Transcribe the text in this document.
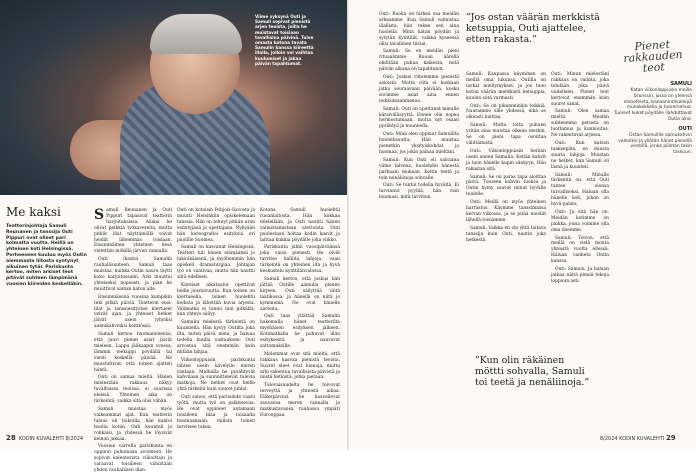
Viime syksynä Outi ja Samuli sopivat pienistä arjen teoista, joilla he muistavat toisiaan tavallisina päivinä. Toive omasta kotona tavata Samulin kanssa kiireettä illalla, jolloin voi vaihtaa kuulumiset ja jakaa päivän tapahtumat.
Me kaksi

Teatterinjohtaja Samuli Reunanen ja tanssija Outi Pippuri ovat olleet pari kolmatta vuotta. Heillä on yhteinen koti Helsingissä. Perheeseen kuuluu myös Outin aiemmasta liitosta syntynyt aikuinen tytär. Pariskunta kertoo, miten arkiset teot pitävät suhteen lämpimänä vuosien kiireiden keskelläkin.

S amuli Reunanen ja Outi Pippuri tapasivat teatterin harjoituksissa. Aluksi he olivat pelkkiä työkavereita, mutta pitkät illat näyttämöllä toivat heidät lähemmäs toisiaan. Ensimmäinen yhteinen kesä vietettiin mökillä järven rannalla.

Outi ihastui Samulin rauhallisuuteen. Samuli taas muistaa, kuinka Outin nauru täytti koko harjoitussalin. Arki muuttui yhteiseksi nopeasti, ja pian he muuttivat saman katon alle.

Ensimmäisinä vuosina kumpikin teki pitkiä päiviä. Teatterin ensi-illat ja tanssiesitysten kiertueet veivät ajan, ja yhteiset hetket jäivät usein lyhyiksi aamukahveiksi keittiössä.

Samuli kertoo huomanneensa, että juuri pienet asiat jäivät mieleen. Lappu jääkaapin ovessa, lämmin teekuppi pöydällä tai viesti keskellä päivää. Ne muistuttivat, että toinen ajatteli häntä.

Outi on samaa mieltä. Hänen mielestään rakkaus näkyy tavallisissa teoissa, ei suurissa eleissä. Yhteinen aika on tärkeintä, vaikka sitä olisi vähän.

Samuli muistaa myös vaikeammat ajat. Kun teatterin talous oli tiukoilla, hän kantoi huolia kotiin. Outi kuunteli ja rohkaisi, ja yhdessä he löysivät keinon jaksaa.

Vuosien varrella pariskunta on oppinut puhumaan avoimesti. He sopivat kalenterista viikoittain ja varaavat toisilleen vähintään yhden rauhallisen illan.

Outi on kotoisin Pohjois-Savosta ja muutti Helsinkiin opiskelemaan tanssia. Hän on tehnyt pitkän uran esiintyjänä ja opettajana. Nykyään hän koreografioi esityksiä eri puolille Suomea.

Samuli on kasvanut Helsingissä. Teatteri tuli hänen elämäänsä jo lukioikäisenä, ja myöhemmin hän opiskeli dramaturgiaa. Johtajan työ on vaativaa, mutta hän nauttii siitä edelleen.

Kiireiset aikataulut opettivat heille joustavuutta. Kun toinen on kiertueella, toinen huolehtii kodista ja lähettää kuvia arjesta. Välimatka ei tunnu niin pitkältä, kun yhteys säilyy.

Samulin mielestä tärkeintä on kuunnella. Hän kysyy Outilta joka ilta, miten päivä meni, ja haluaa todella kuulla vastauksen. Outi arvostaa sitä enemmän kuin mitään lahjaa.

Viikonloppuisin pariskunta lähtee usein kävelylle meren rantaan. Matkalla he pysähtyvät kahvilaan ja suunnittelevat tulevia matkoja. Ne hetket ovat heille yhtä tärkeitä kuin suuret juhlat.

Outi sanoo, että parisuhde vaatii työtä, mutta työ on palkitsevaa. He ovat oppineet antamaan toisilleen tilaa ja toisaalta huomaamaan, milloin toinen tarvitsee tukea.

Kotona Samuli huolehtii ruoanlaitosta. Hän kokkaa mielellään, ja Outi nauttii hänen valmistamistaan aterioista. Outi puolestaan hoitaa kodin kasvit ja laittaa kukkia pöydälle joka viikko.

Pariskunta juhlii vuosipäiväänsä joka vuosi pienesti. He eivät tarvitse kalliita lahjoja, vaan tärkeintä on yhteinen ilta ja hyvä keskustelu kynttilänvalossa.

Samuli kertoo, että joskus hän jättää Outille aamulla pienen kirjeen. Outi säilyttää niitä laatikossa, ja hänellä on niitä jo kymmeniä. Ne ovat hänelle aarteita.

Outi taas yllättää Samulin hakemalla hänet teatterilta myöhäisen esityksen jälkeen. Kotimatkalla he puhuvat illan esityksestä ja nauravat sattumuksille.

Molemmat ovat sitä mieltä, että rakkaus kasvaa pienistä teoista. Suuret eleet ovat hienoja, mutta arki rakentuu tavallisista päivistä ja niistä hetkistä, jotka jaetaan.

Tulevaisuudelta he toivovat terveyttä ja yhteistä aikaa. Eläkepäivinä he haaveilevat asuvansa meren rannalla ja matkustavansa rauhassa ympäri Eurooppaa.

28 KODIN KUVALEHTI 8/2024

Outi: Ruoka on tärkeä osa meidän arkeamme. Kun Samuli valmistaa illallista, hän tekee sen aina huolella. Minä katan pöydän ja sytytän kynttilät, vaikka kyseessä olisi tavallinen tiistai.

Samuli: Se on meidän pieni rituaalimme. Ruoan äärellä ehditään puhua kaikesta, mitä päivän aikana on tapahtunut.

Outi: Joskus riitelemme pienistä asioista. Mutta riita ei koskaan jatku seuraavaan päivään, koska sovimme asiat aina ennen nukkumaanmenoa.

Samuli: Outi on opettanut minulle kärsivällisyyttä. Ennen olin nopea hermostumaan, mutta nyt osaan pysähtyä ja kuunnella.

Outi: Minä olen oppinut Samulilta huolellisuutta. Hän muistaa pienetkin yksityiskohdat ja huomaa, jos jokin painaa mieltäni.

Samuli: Kun Outi oli sairaana viime talvena, huolehdin hänestä parhaani mukaan. Keitin teetä ja toin nenäliinoja sohvalle.

Outi: Se tuntui todella hyvältä. Ei tarvinnut pyytää, hän vain huomasi, mitä tarvitsin.

”Jos ostan väärän merkkistä ketsuppia, Outi ajattelee, etten rakasta.”

Samuli: Kaupassa käyminen on meillä oma lukunsa. Outilla on tarkat mieltymykset, ja jos tuon kotiin väärän merkkistä ketsuppia, kuulen siitä varmasti.

Outi: Se on pikemminkin leikkiä. Nauramme sille yhdessä, eikä se oikeasti haittaa.

Samuli: Mutta totta puhuen yritän aina muistaa oikean merkin. Se on pieni tapa osoittaa välittämistä.

Outi: Viikonloppuisin herään usein ennen Samulia. Keitän kahvit ja tuon hänelle kupin sänkyyn. Hän rakastaa sitä.

Samuli: Se on paras tapa aloittaa päivä. Tuoreen kahvin tuoksu ja Outin hymy saavat minut hyvälle tuulelle.

Outi: Meillä on myös yhteinen harrastus. Käymme tanssimassa kerran viikossa, ja se pitää meidät lähellä toisiamme.

Samuli: Vaikka en ole yhtä taitava tanssija kuin Outi, nautin joka hetkestä.

Outi: Minun mielestäni rakkaus on valinta, joka tehdään joka päivä uudelleen. Pienet teot kertovat enemmän kuin suuret sanat.

Samuli: Olen samaa mieltä. Meidän suhteemme perusta on luottamus ja kunnioitus. Ne rakentuvat arjessa.

Outi: Kun katson taaksepäin, en muista suuria lahjoja. Muistan ne hetket, kun Samuli oli läsnä ja kuunteli.

Samuli: Minulle tärkeintä on, että Outi tuntee olonsa turvalliseksi. Haluan olla hänelle koti, johon on hyvä palata.

Outi: Ja sitä hän on. Meidän kotimme on paikka, jossa voimme olla oma itsemme.

Samuli: Toivon, että meillä on vielä monta yhteistä vuotta edessä. Haluan vanheta Outin kanssa.

Outi: Samoin. Ja haluan jatkaa näitä pieniä tekoja loppuun asti.

”Kun olin räkäinen möttti sohvalla, Samuli toi teetä ja nenäliinoja.”
Pienet rakkauden teot
SAMULI
Katan viikonloppuisin meille brunssin, jossa on yleensä smoothieta, banaanirahkaleipä munakokkelia ja tuoremehua. Tuoreet kukat pöydälle ilahduttavat Outia aina.
OUTI
Ostan Samulille aamukahvin valmiiksi ja yllätän hänet pienellä viestillä, jonka piilotan takin taskuun.
8/2024 KODIN KUVALEHTI 29
